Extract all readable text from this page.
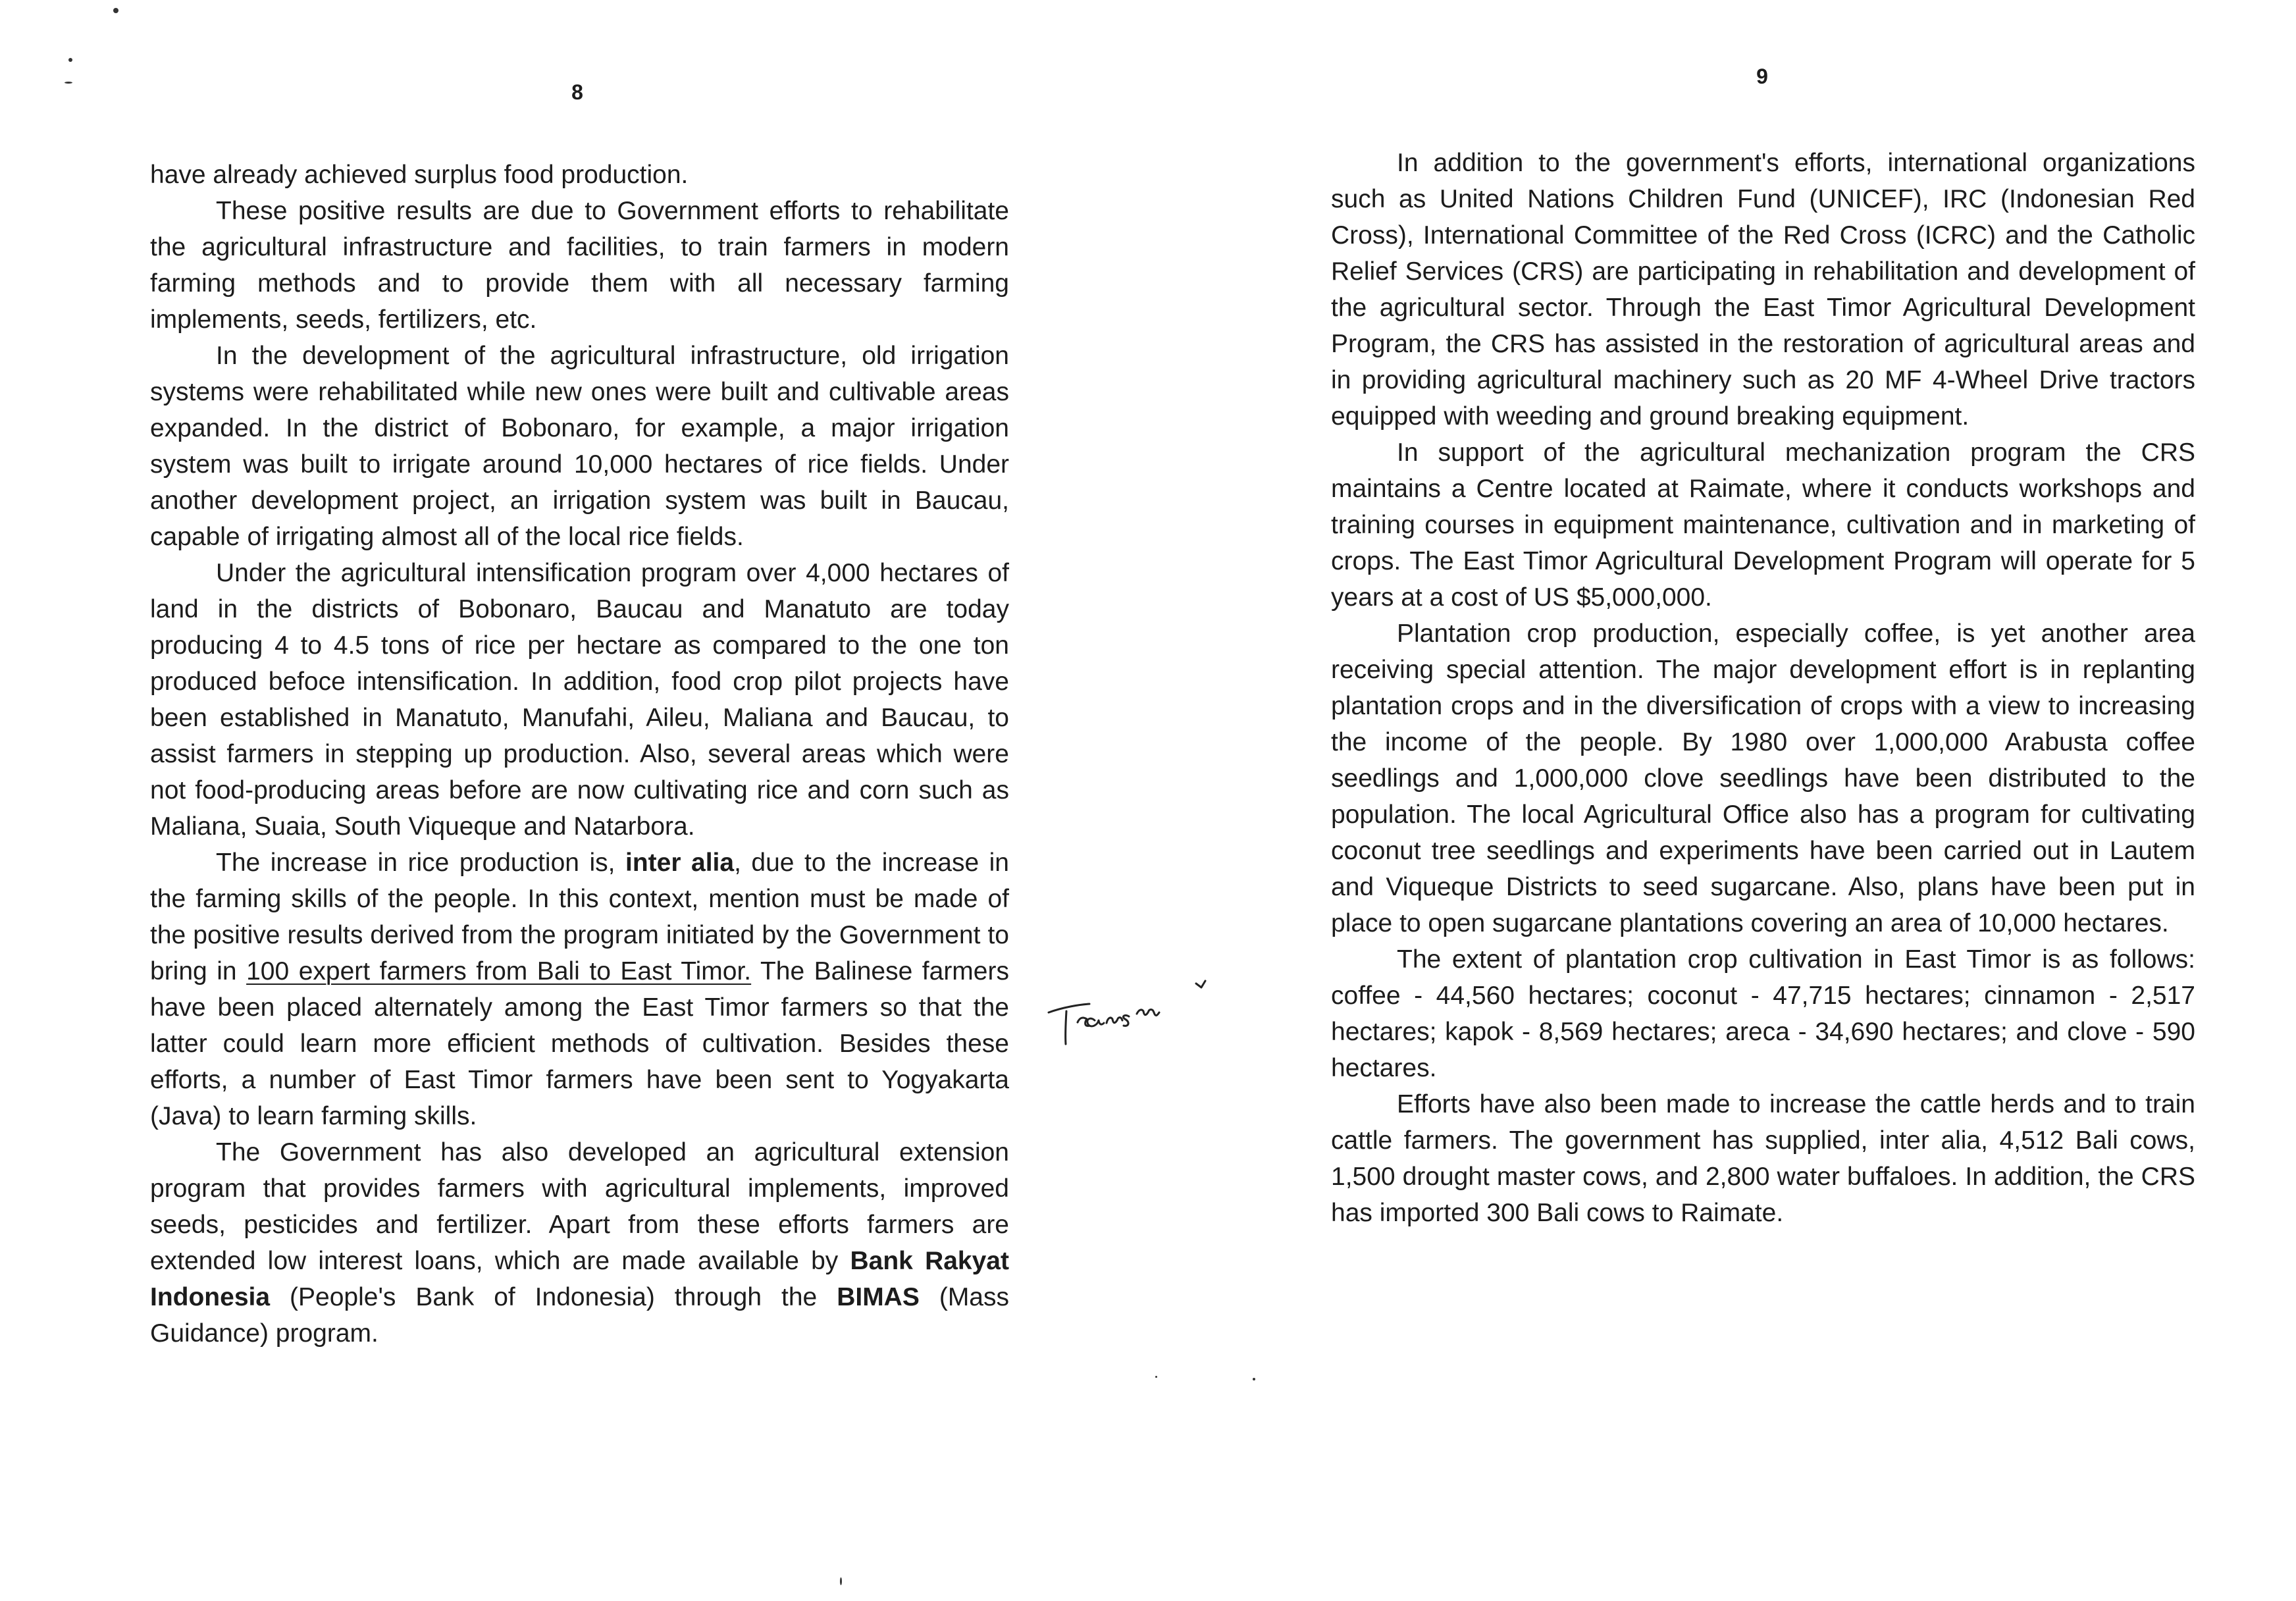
8

have already achieved surplus food production.

These positive results are due to Government efforts to rehabilitate the agricultural infrastructure and facilities, to train farmers in modern farming methods and to provide them with all necessary farming implements, seeds, fertilizers, etc.

In the development of the agricultural infrastructure, old irrigation systems were rehabilitated while new ones were built and cultivable areas expanded. In the district of Bobonaro, for example, a major irrigation system was built to irrigate around 10,000 hectares of rice fields. Under another development project, an irrigation system was built in Baucau, capable of irrigating almost all of the local rice fields.

Under the agricultural intensification program over 4,000 hectares of land in the districts of Bobonaro, Baucau and Manatuto are today producing 4 to 4.5 tons of rice per hectare as compared to the one ton produced befoce intensification. In addition, food crop pilot projects have been established in Manatuto, Manufahi, Aileu, Maliana and Baucau, to assist farmers in stepping up production. Also, several areas which were not food-producing areas before are now cultivating rice and corn such as Maliana, Suaia, South Viqueque and Natarbora.

The increase in rice production is, inter alia, due to the increase in the farming skills of the people. In this context, mention must be made of the positive results derived from the program initiated by the Government to bring in 100 expert farmers from Bali to East Timor. The Balinese farmers have been placed alternately among the East Timor farmers so that the latter could learn more efficient methods of cultivation. Besides these efforts, a number of East Timor farmers have been sent to Yogyakarta (Java) to learn farming skills.

The Government has also developed an agricultural extension program that provides farmers with agricultural implements, improved seeds, pesticides and fertilizer. Apart from these efforts farmers are extended low interest loans, which are made available by Bank Rakyat Indonesia (People's Bank of Indonesia) through the BIMAS (Mass Guidance) program.

Transm
9

In addition to the government's efforts, international organizations such as United Nations Children Fund (UNICEF), IRC (Indonesian Red Cross), International Committee of the Red Cross (ICRC) and the Catholic Relief Services (CRS) are participating in rehabilitation and development of the agricultural sector. Through the East Timor Agricultural Development Program, the CRS has assisted in the restoration of agricultural areas and in providing agricultural machinery such as 20 MF 4-Wheel Drive tractors equipped with weeding and ground breaking equipment.

In support of the agricultural mechanization program the CRS maintains a Centre located at Raimate, where it conducts workshops and training courses in equipment maintenance, cultivation and in marketing of crops. The East Timor Agricultural Development Program will operate for 5 years at a cost of US $5,000,000.

Plantation crop production, especially coffee, is yet another area receiving special attention. The major development effort is in replanting plantation crops and in the diversification of crops with a view to increasing the income of the people. By 1980 over 1,000,000 Arabusta coffee seedlings and 1,000,000 clove seedlings have been distributed to the population. The local Agricultural Office also has a program for cultivating coconut tree seedlings and experiments have been carried out in Lautem and Viqueque Districts to seed sugarcane. Also, plans have been put in place to open sugarcane plantations covering an area of 10,000 hectares.

The extent of plantation crop cultivation in East Timor is as follows: coffee - 44,560 hectares; coconut - 47,715 hectares; cinnamon - 2,517 hectares; kapok - 8,569 hectares; areca - 34,690 hectares; and clove - 590 hectares.

Efforts have also been made to increase the cattle herds and to train cattle farmers. The government has supplied, inter alia, 4,512 Bali cows, 1,500 drought master cows, and 2,800 water buffaloes. In addition, the CRS has imported 300 Bali cows to Raimate.
